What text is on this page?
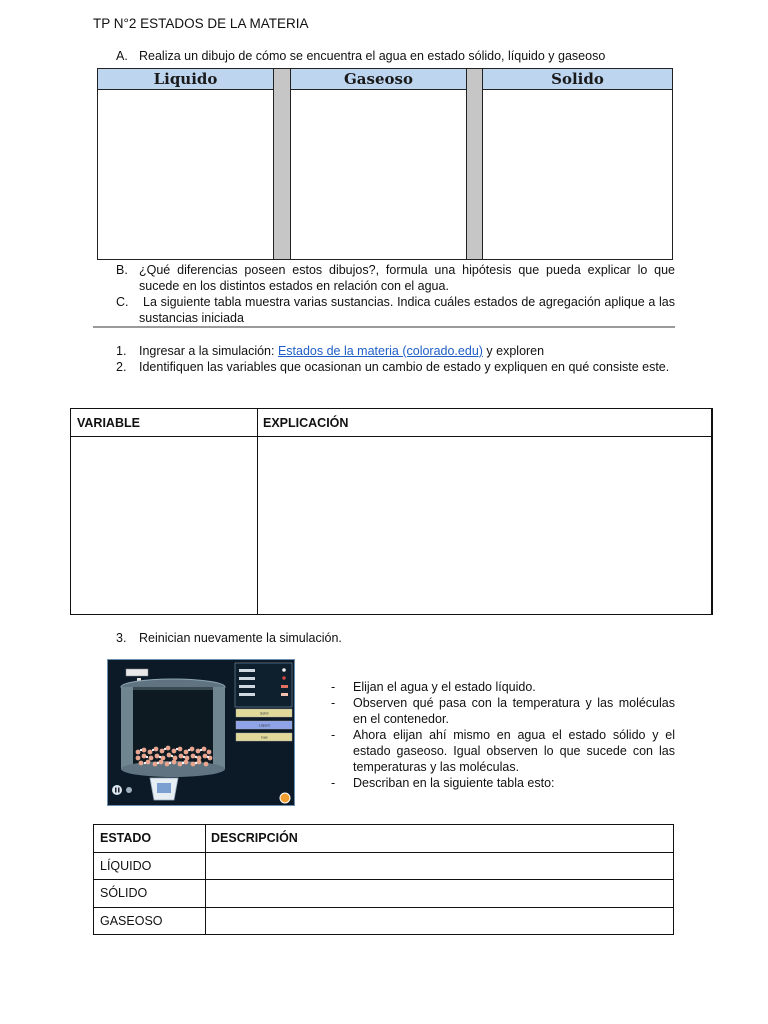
TP N°2 ESTADOS DE LA MATERIA
A. Realiza un dibujo de cómo se encuentra el agua en estado sólido, líquido y gaseoso
Liquido	Gaseoso	Solido
B. ¿Qué diferencias poseen estos dibujos?, formula una hipótesis que pueda explicar lo que sucede en los distintos estados en relación con el agua.
C.	La siguiente tabla muestra varias sustancias. Indica cuáles estados de agregación aplique a las sustancias iniciada
1. Ingresar a la simulación: Estados de la materia (colorado.edu) y exploren
2. Identifiquen las variables que ocasionan un cambio de estado y expliquen en qué consiste este.
VARIABLE	EXPLICACIÓN
3. Reinician nuevamente la simulación.
Solid
Liquid
Gas
- Elijan el agua y el estado líquido.
- Observen qué pasa con la temperatura y las moléculas en el contenedor.
- Ahora elijan ahí mismo en agua el estado sólido y el estado gaseoso. Igual observen lo que sucede con las temperaturas y las moléculas.
- Describan en la siguiente tabla esto:
ESTADO	DESCRIPCIÓN
LÍQUIDO
SÓLIDO
GASEOSO
